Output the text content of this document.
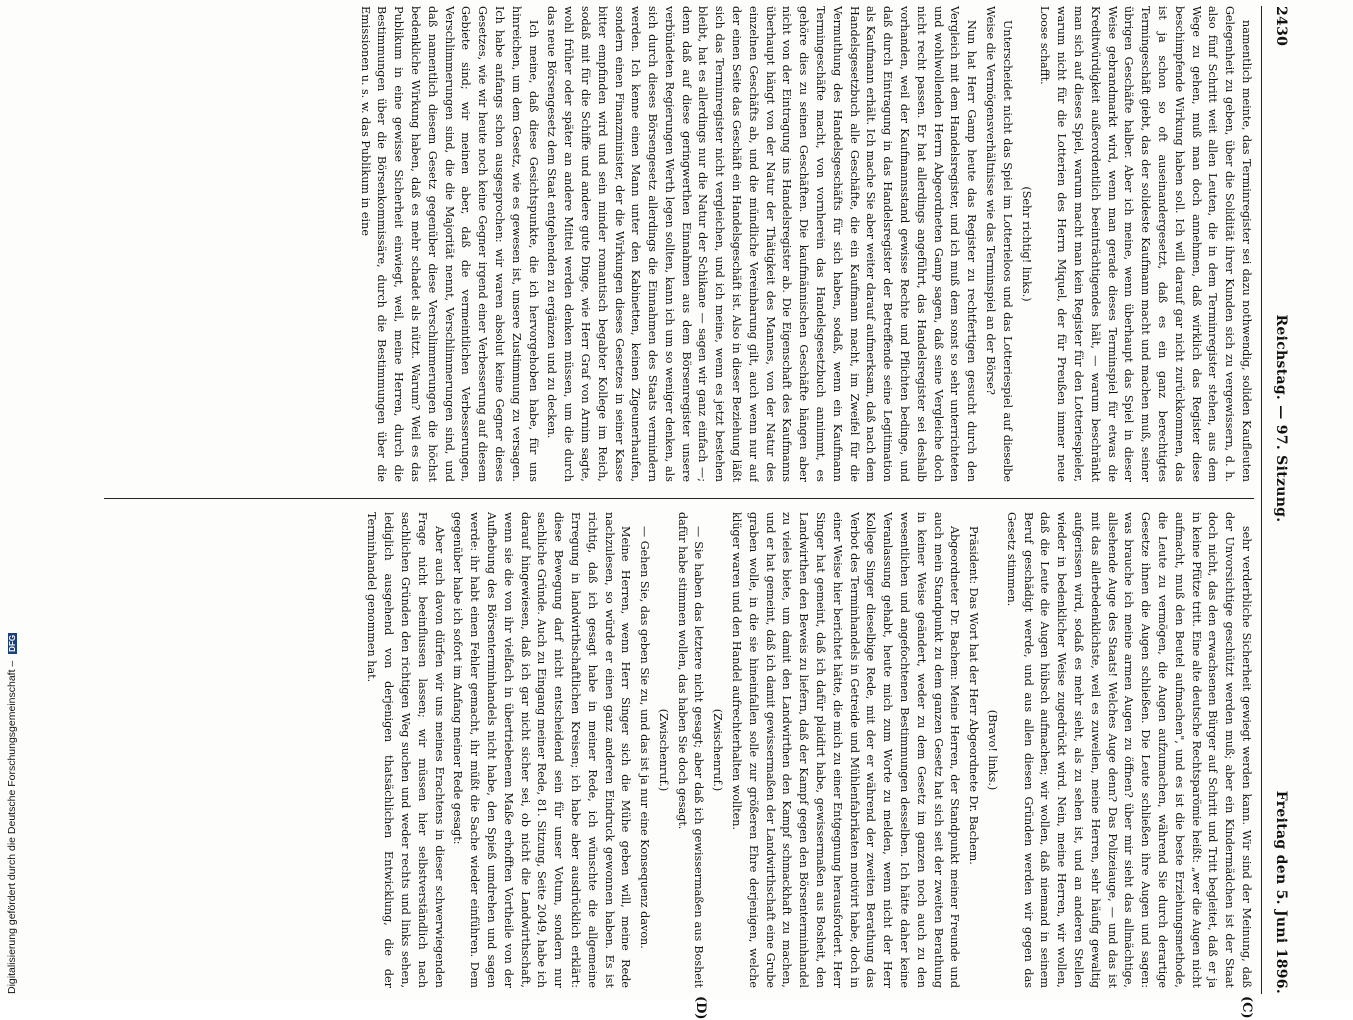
Digitalisierung gefördert durch die Deutsche Forschungsgemeinschaft – DFG
2430
Reichstag. — 97. Sitzung.
Freitag den 5. Juni 1896.
(C)
(D)

namentlich meinte, das Terminregister sei dazu nothwendig, soliden Kaufleuten Gelegenheit zu geben, über die Solidität ihrer Kunden sich zu vergewissern, d. h. also fünf Schritt weit allen Leuten, die in dem Terminregister stehen, aus dem Wege zu gehen, muß man doch annehmen, daß wirklich das Register diese beschimpfende Wirkung haben soll. Ich will darauf gar nicht zurückkommen, das ist ja schon so oft auseinandergesetzt, daß es ein ganz berechtigtes Termingeschäft giebt, das der solideste Kaufmann macht und machen muß, seiner übrigen Geschäfte halber. Aber ich meine, wenn überhaupt das Spiel in dieser Weise gebrandmarkt wird, wenn man gerade dieses Terminspiel für etwas die Kreditwürdigkeit außerordentlich beeinträchtigendes hält, — warum beschränkt man sich auf dieses Spiel, warum macht man kein Register für den Lotteriespieler, warum nicht für die Lotterien des Herrn Miquel, der für Preußen immer neue Loose schafft.

(Sehr richtig! links.)

Unterscheidet nicht das Spiel im Lotterieloos und das Lotteriespiel auf dieselbe Weise die Vermögensverhältnisse wie das Terminspiel an der Börse?

Nun hat Herr Gamp heute das Register zu rechtfertigen gesucht durch den Vergleich mit dem Handelsregister, und ich muß dem sonst so sehr unterrichteten und wohlwollenden Herrn Abgeordneten Gamp sagen, daß seine Vergleiche doch nicht recht passen. Er hat allerdings angeführt, das Handelsregister sei deshalb vorhanden, weil der Kaufmannsstand gewisse Rechte und Pflichten bedinge, und daß durch Eintragung in das Handelsregister der Betreffende seine Legitimation als Kaufmann erhält. Ich mache Sie aber weiter darauf aufmerksam, daß nach dem Handelsgesetzbuch alle Geschäfte, die ein Kaufmann macht, im Zweifel für die Vermuthung des Handelsgeschäfts für sich haben, sodaß, wenn ein Kaufmann Termingeschäfte macht, von vornherein das Handelsgesetzbuch annimmt, es gehöre dies zu seinen Geschäften. Die kaufmännischen Geschäfte hängen aber nicht von der Eintragung ins Handelsregister ab. Die Eigenschaft des Kaufmanns überhaupt hängt von der Natur der Thätigkeit des Mannes, von der Natur des einzelnen Geschäfts ab, und die mündliche Vereinbarung gilt, auch wenn nur auf der einen Seite das Geschäft ein Handelsgeschäft ist. Also in dieser Beziehung läßt sich das Terminregister nicht vergleichen, und ich meine, wenn es jetzt bestehen bleibt, hat es allerdings nur die Natur der Schikane — sagen wir ganz einfach —; denn daß auf diese geringwerthen Einnahmen aus dem Börsenregister unsere verbündeten Regierungen Werth legen sollten, kann ich um so weniger denken, als sich durch dieses Börsengesetz allerdings die Einnahmen des Staats vermindern werden. Ich kenne einen Mann unter den Kabinetten, keinen Zigeunerhaufen, sondern einen Finanzminister, der die Wirkungen dieses Gesetzes in seiner Kasse bitter empfinden wird und sein minder romantisch begabter Kollege im Reich, sodaß mit für die Schiffe und andere gute Dinge, wie Herr Graf von Arnim sagte, wohl früher oder später an andere Mittel werden denken müssen, um die durch das neue Börsengesetz dem Staat entgehenden zu ergänzen und zu decken.

Ich meine, daß diese Gesichtspunkte, die ich hervorgehoben habe, für uns hinreichen, um dem Gesetz, wie es gewesen ist, unsere Zustimmung zu versagen. Ich habe anfangs schon ausgesprochen: wir waren absolut keine Gegner dieses Gesetzes, wie wir heute noch keine Gegner irgend einer Verbesserung auf diesem Gebiete sind; wir meinen aber, daß die vermeintlichen Verbesserungen, Verschlimmerungen sind, die die Majorität nennt, Verschlimmerungen sind, und daß namentlich diesem Gesetz gegenüber diese Verschlimmerungen die höchst bedenkliche Wirkung haben, daß es mehr schadet als nützt. Warum? Weil es das Publikum in eine gewisse Sicherheit einwiegt, weil, meine Herren, durch die Bestimmungen über die Börsenkommissäre, durch die Bestimmungen über die Emissionen u. s. w. das Publikum in eine

sehr verderbliche Sicherheit gewiegt werden kann. Wir sind der Meinung, daß der Unvorsichtige geschützt werden muß; aber ein Kindermädchen ist der Staat doch nicht, das den erwachsenen Bürger auf Schritt und Tritt begleitet, daß er ja in keine Pfütze tritt. Eine alte deutsche Rechtsparömie heißt: „wer die Augen nicht aufmacht, muß den Beutel aufmachen", und es ist die beste Erziehungsmethode, die Leute zu vermögen, die Augen aufzumachen, während Sie durch derartige Gesetze ihnen die Augen schließen. Die Leute schließen ihre Augen und sagen: was brauche ich meine armen Augen zu öffnen? über mir sieht das allmächtige, allsehende Auge des Staats! Welches Auge denn? Das Polizeiauge, — und das ist mit das allerbedenklichste, weil es zuweilen, meine Herren, sehr häufig gewaltig aufgerissen wird, sodaß es mehr sieht, als zu sehen ist, und an anderen Stellen wieder in bedenklicher Weise zugedrückt wird. Nein, meine Herren, wir wollen, daß die Leute die Augen hübsch aufmachen; wir wollen, daß niemand in seinem Beruf geschädigt werde, und aus allen diesen Gründen werden wir gegen das Gesetz stimmen.

(Bravo! links.)

Präsident: Das Wort hat der Herr Abgeordnete Dr. Bachem.

Abgeordneter Dr. Bachem: Meine Herren, der Standpunkt meiner Freunde und auch mein Standpunkt zu dem ganzen Gesetz hat sich seit der zweiten Berathung in keiner Weise geändert, weder zu dem Gesetz im ganzen noch auch zu den wesentlichen und angefochtenen Bestimmungen desselben. Ich hätte daher keine Veranlassung gehabt, heute mich zum Worte zu melden, wenn nicht der Herr Kollege Singer dieselbige Rede, mit der er während der zweiten Berathung das Verbot des Terminhandels in Getreide und Mühlenfabrikaten motivirt habe, doch in einer Weise hier berichtet hätte, die mich zu einer Entgegnung herausfordert. Herr Singer hat gemeint, daß ich dafür plaidirt habe, gewissermaßen aus Bosheit, den Landwirthen den Beweis zu liefern, daß der Kampf gegen den Börsenterminhandel zu vieles biete, um damit den Landwirthen den Kampf schmackhaft zu machen, und er hat gemeint, daß ich damit gewissermaßen der Landwirthschaft eine Grube graben wolle, in die sie hineinfallen solle zur größeren Ehre derjenigen, welche klüger waren und den Handel aufrechterhalten wollten.

(Zwischenruf.)

— Sie haben das letztere nicht gesagt; aber daß ich gewissermaßen aus Bosheit dafür habe stimmen wollen, das haben Sie doch gesagt.

(Zwischenruf.)

— Gehen Sie, das geben Sie zu, und das ist ja nur eine Konsequenz davon.

Meine Herren, wenn Herr Singer sich die Mühe geben will, meine Rede nachzulesen, so würde er einen ganz anderen Eindruck gewonnen haben. Es ist richtig, daß ich gesagt habe in meiner Rede, ich wünschte die allgemeine Erregung in landwirthschaftlichen Kreisen; ich habe aber ausdrücklich erklärt: diese Bewegung darf nicht entscheidend sein für unser Votum, sondern nur sachliche Gründe. Auch zu Eingang meiner Rede, 81. Sitzung, Seite 2049, habe ich darauf hingewiesen, daß ich gar nicht sicher sei, ob nicht die Landwirthschaft, wenn sie die von ihr vielfach in übertriebenem Maße erhofften Vortheile von der Aufhebung des Börsenterminhandels nicht habe, den Spieß umdrehen und sagen werde: ihr habt einen Fehler gemacht, ihr müßt die Sache wieder einführen. Dem gegenüber habe ich sofort im Anfang meiner Rede gesagt:

Aber auch davon dürfen wir uns meines Erachtens in dieser schwerwiegenden Frage nicht beeinflussen lassen; wir müssen hier selbstverständlich nach sachlichen Gründen den richtigen Weg suchen und weder rechts und links sehen, lediglich ausgehend von derjenigen thatsächlichen Entwicklung, die der Terminhandel genommen hat.
